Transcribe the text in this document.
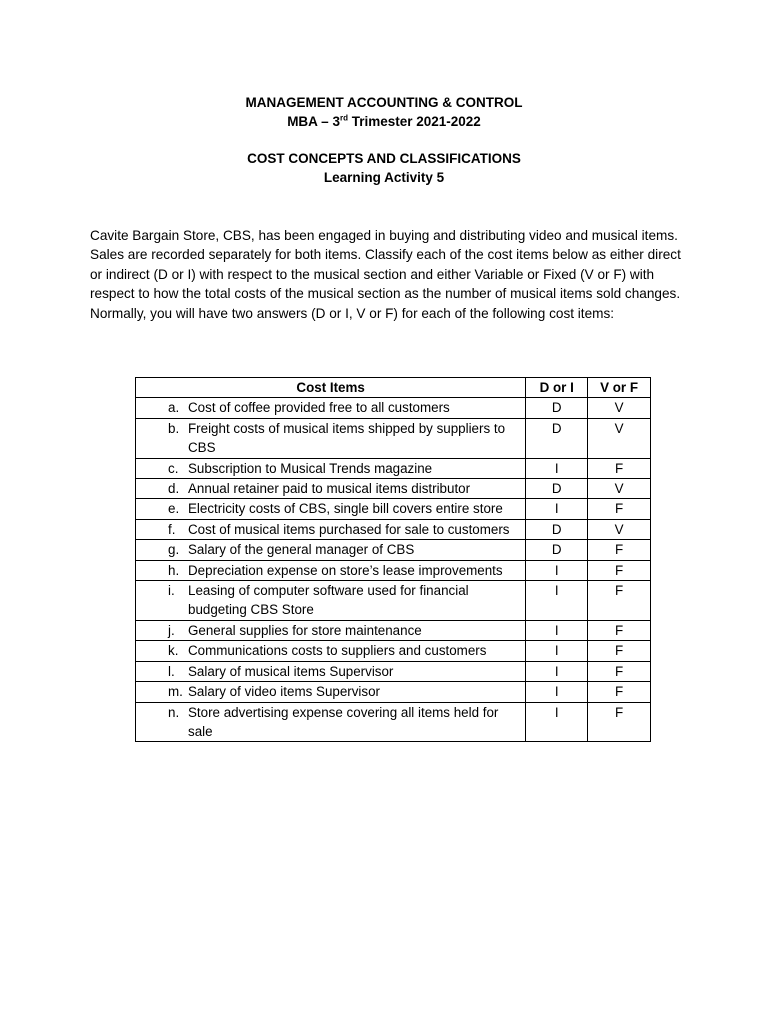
MANAGEMENT ACCOUNTING & CONTROL
MBA – 3rd Trimester 2021-2022
COST CONCEPTS AND CLASSIFICATIONS
Learning Activity 5
Cavite Bargain Store, CBS, has been engaged in buying and distributing video and musical items. Sales are recorded separately for both items. Classify each of the cost items below as either direct or indirect (D or I) with respect to the musical section and either Variable or Fixed (V or F) with respect to how the total costs of the musical section as the number of musical items sold changes. Normally, you will have two answers (D or I, V or F) for each of the following cost items:
Cost Items	D or I	V or F

a. Cost of coffee provided free to all customers	D	V

b. Freight costs of musical items shipped by suppliers to CBS	D	V

c. Subscription to Musical Trends magazine	I	F

d. Annual retainer paid to musical items distributor	D	V

e. Electricity costs of CBS, single bill covers entire store	I	F

f. Cost of musical items purchased for sale to customers	D	V

g. Salary of the general manager of CBS	D	F

h. Depreciation expense on store’s lease improvements	I	F

i. Leasing of computer software used for financial budgeting CBS Store	I	F

j. General supplies for store maintenance	I	F

k. Communications costs to suppliers and customers	I	F

l. Salary of musical items Supervisor	I	F

m. Salary of video items Supervisor	I	F

n. Store advertising expense covering all items held for sale	I	F
